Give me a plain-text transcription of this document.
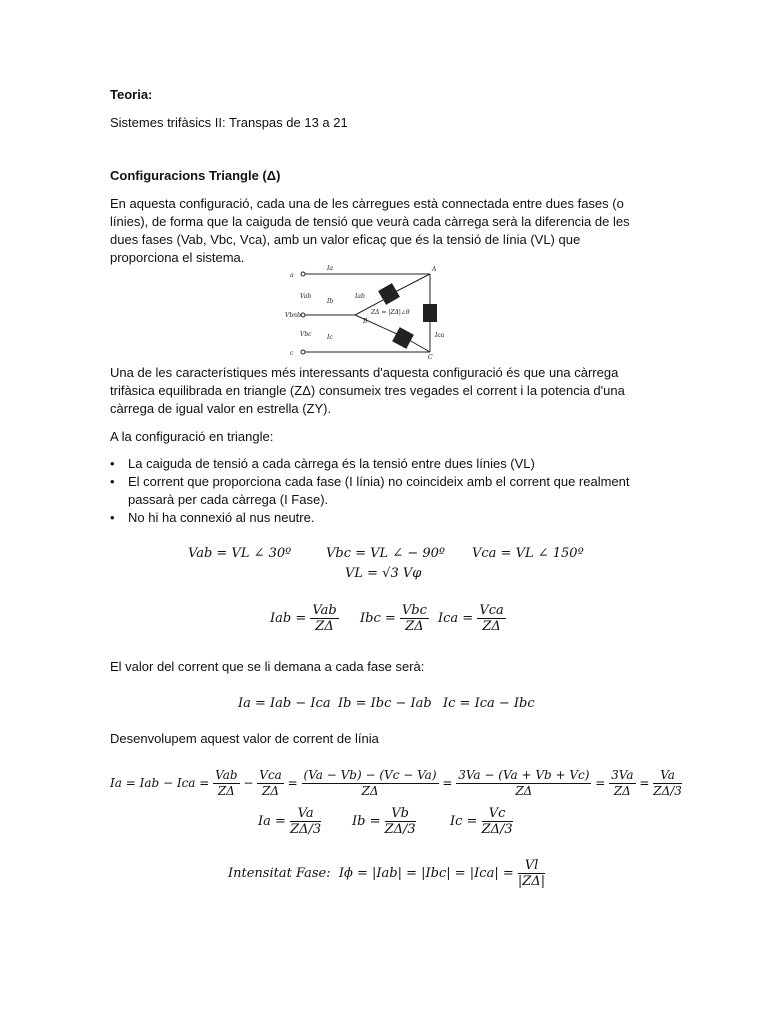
Teoria:
Sistemes trifàsics II: Transpas de 13 a 21
Configuracions Triangle (Δ)
En aquesta configuració, cada una de les càrregues està connectada entre dues fases (o línies), de forma que la caiguda de tensió que veurà cada càrrega serà la diferencia de les dues fases (Vab, Vbc, Vca), amb un valor eficaç que és la tensió de línia (VL) que proporciona el sistema.
Ia	A
Vab
Ib
Iab
Vbn b
B
ZΔ = |ZΔ|∠θ
Vbc	Ic	Ica
C
a
c
Una de les característiques més interessants d'aquesta configuració és que una càrrega trifàsica equilibrada en triangle (ZΔ) consumeix tres vegades el corrent i la potencia d'una càrrega de igual valor en estrella (ZY).
A la configuració en triangle:
• La caiguda de tensió a cada càrrega és la tensió entre dues línies (VL)
• El corrent que proporciona cada fase (I línia) no coincideix amb el corrent que realment passarà per cada càrrega (I Fase).
• No hi ha connexió al nus neutre.
Vab = VL ∠ 30º	Vbc = VL ∠ − 90º Vca = VL ∠ 150º
VL = √3 Vφ
Iab = $\frac{\text{Vab}}{Z\Delta}$ Ibc = $\frac{\text{Vbc}}{Z\Delta}$ Ica = $\frac{\text{Vca}}{Z\Delta}$
El valor del corrent que se li demana a cada fase serà:
Ia = Iab − Ica Ib = Ibc − Iab Ic = Ica − Ibc
Desenvolupem aquest valor de corrent de línia
Ia = Iab − Ica = $\frac{\text{Vab}}{Z\Delta} - \frac{\text{Vca}}{Z\Delta} = \frac{(Va - Vb) - (Vc - Va)}{Z\Delta} = \frac{3Va - (Va + Vb + Vc)}{Z\Delta} = \frac{3Va}{Z\Delta} = \frac{Va}{Z\Delta/3}$
$Ia = \frac{Va}{Z\Delta/3}$ $Ib = \frac{Vb}{Z\Delta/3}$	$Ic = \frac{Vc}{Z\Delta/3}$
Intensitat Fase: $I\phi = |Iab| = |Ibc| = |Ica| = \frac{Vl}{|Z\Delta|}$
